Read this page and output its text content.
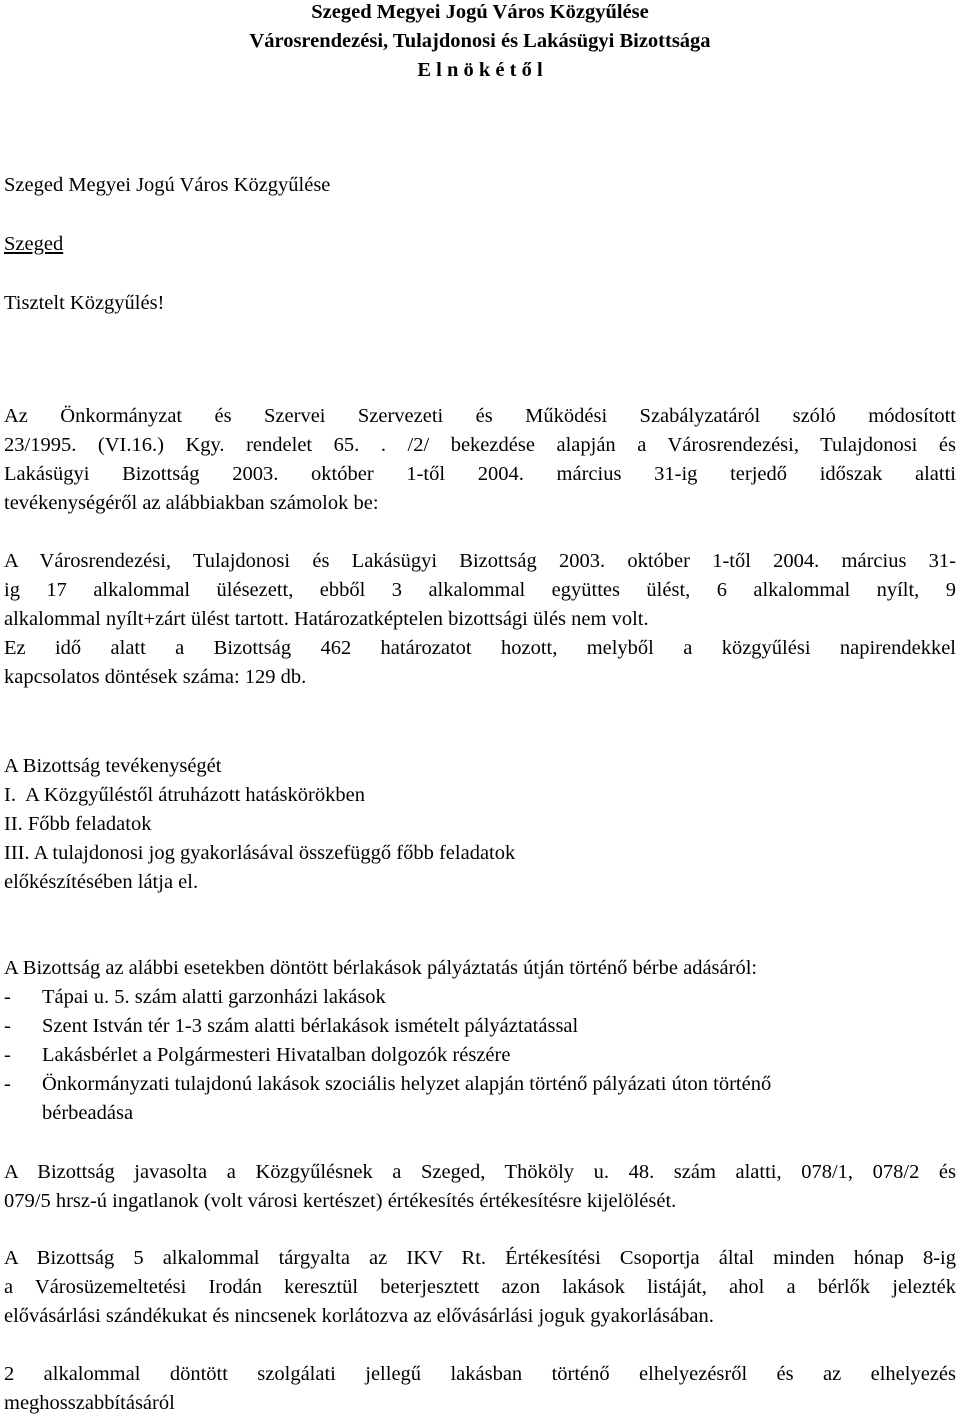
Szeged Megyei Jogú Város Közgyűlése
Városrendezési, Tulajdonosi és Lakásügyi Bizottsága
E l n ö k é t ő l
Szeged Megyei Jogú Város Közgyűlése
Szeged
Tisztelt Közgyűlés!
Az Önkormányzat és Szervei Szervezeti és Működési Szabályzatáról szóló módosított
23/1995. (VI.16.) Kgy. rendelet 65. . /2/ bekezdése alapján a Városrendezési, Tulajdonosi és
Lakásügyi Bizottság 2003. október 1-től 2004. március 31-ig terjedő időszak alatti
tevékenységéről az alábbiakban számolok be:
A Városrendezési, Tulajdonosi és Lakásügyi Bizottság 2003. október 1-től 2004. március 31-
ig 17 alkalommal ülésezett, ebből 3 alkalommal együttes ülést, 6 alkalommal nyílt, 9
alkalommal nyílt+zárt ülést tartott. Határozatképtelen bizottsági ülés nem volt.
Ez idő alatt a Bizottság 462 határozatot hozott, melyből a közgyűlési napirendekkel
kapcsolatos döntések száma: 129 db.
A Bizottság tevékenységét
I.  A Közgyűléstől átruházott hatáskörökben
II. Főbb feladatok
III. A tulajdonosi jog gyakorlásával összefüggő főbb feladatok
előkészítésében látja el.
A Bizottság az alábbi esetekben döntött bérlakások pályáztatás útján történő bérbe adásáról:
- Tápai u. 5. szám alatti garzonházi lakások
- Szent István tér 1-3 szám alatti bérlakások ismételt pályáztatással
- Lakásbérlet a Polgármesteri Hivatalban dolgozók részére
- Önkormányzati tulajdonú lakások szociális helyzet alapján történő pályázati úton történő
bérbeadása
A Bizottság javasolta a Közgyűlésnek a Szeged, Thököly u. 48. szám alatti, 078/1, 078/2 és
079/5 hrsz-ú ingatlanok (volt városi kertészet) értékesítés értékesítésre kijelölését.
A Bizottság 5 alkalommal tárgyalta az IKV Rt. Értékesítési Csoportja által minden hónap 8-ig
a Városüzemeltetési Irodán keresztül beterjesztett azon lakások listáját, ahol a bérlők jelezték
elővásárlási szándékukat és nincsenek korlátozva az elővásárlási joguk gyakorlásában.
2 alkalommal döntött szolgálati jellegű lakásban történő elhelyezésről és az elhelyezés
meghosszabbításáról
